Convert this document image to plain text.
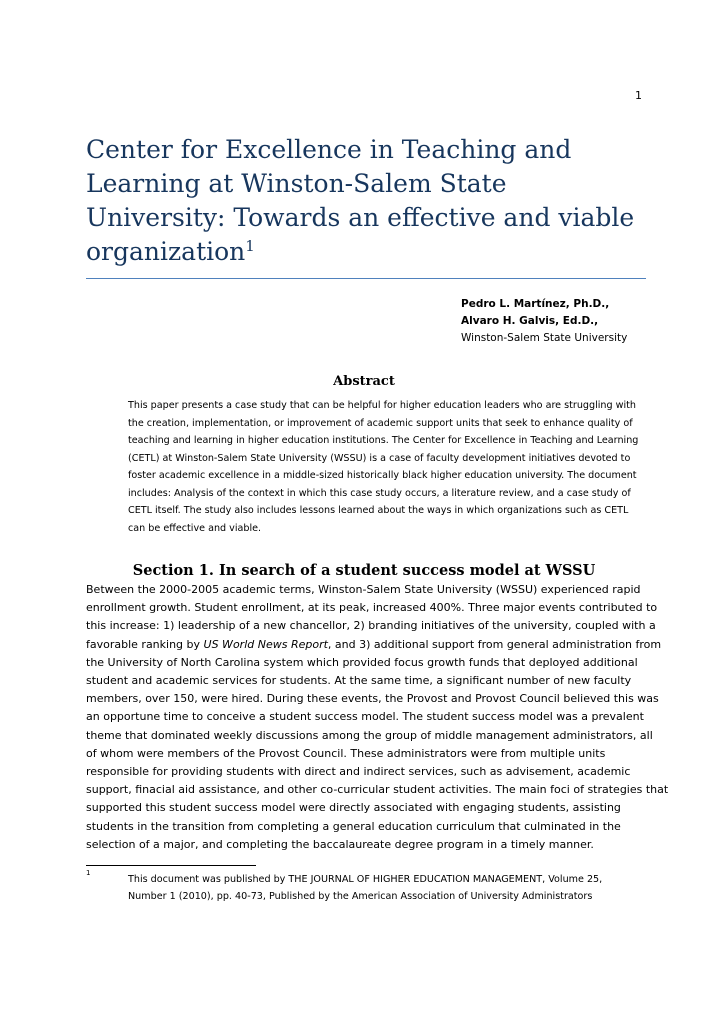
1
Center for Excellence in Teaching and Learning at Winston-Salem State University: Towards an effective and viable organization$^1$
Pedro L. Martínez, Ph.D.,
Alvaro H. Galvis, Ed.D.,
Winston-Salem State University
Abstract
This paper presents a case study that can be helpful for higher education leaders who are struggling with
the creation, implementation, or improvement of academic support units that seek to enhance quality of
teaching and learning in higher education institutions. The Center for Excellence in Teaching and Learning
(CETL) at Winston-Salem State University (WSSU) is a case of faculty development initiatives devoted to
foster academic excellence in a middle-sized historically black higher education university. The document
includes: Analysis of the context in which this case study occurs, a literature review, and a case study of
CETL itself. The study also includes lessons learned about the ways in which organizations such as CETL
can be effective and viable.
Section 1. In search of a student success model at WSSU
Between the 2000-2005 academic terms, Winston-Salem State University (WSSU) experienced rapid
enrollment growth. Student enrollment, at its peak, increased 400%. Three major events contributed to
this increase: 1) leadership of a new chancellor, 2) branding initiatives of the university, coupled with a
favorable ranking by US World News Report, and 3) additional support from general administration from
the University of North Carolina system which provided focus growth funds that deployed additional
student and academic services for students. At the same time, a significant number of new faculty
members, over 150, were hired. During these events, the Provost and Provost Council believed this was
an opportune time to conceive a student success model. The student success model was a prevalent
theme that dominated weekly discussions among the group of middle management administrators, all
of whom were members of the Provost Council. These administrators were from multiple units
responsible for providing students with direct and indirect services, such as advisement, academic
support, finacial aid assistance, and other co-curricular student activities. The main foci of strategies that
supported this student success model were directly associated with engaging students, assisting
students in the transition from completing a general education curriculum that culminated in the
selection of a major, and completing the baccalaureate degree program in a timely manner.
1
This document was published by THE JOURNAL OF HIGHER EDUCATION MANAGEMENT, Volume 25,
Number 1 (2010), pp. 40-73, Published by the American Association of University Administrators
